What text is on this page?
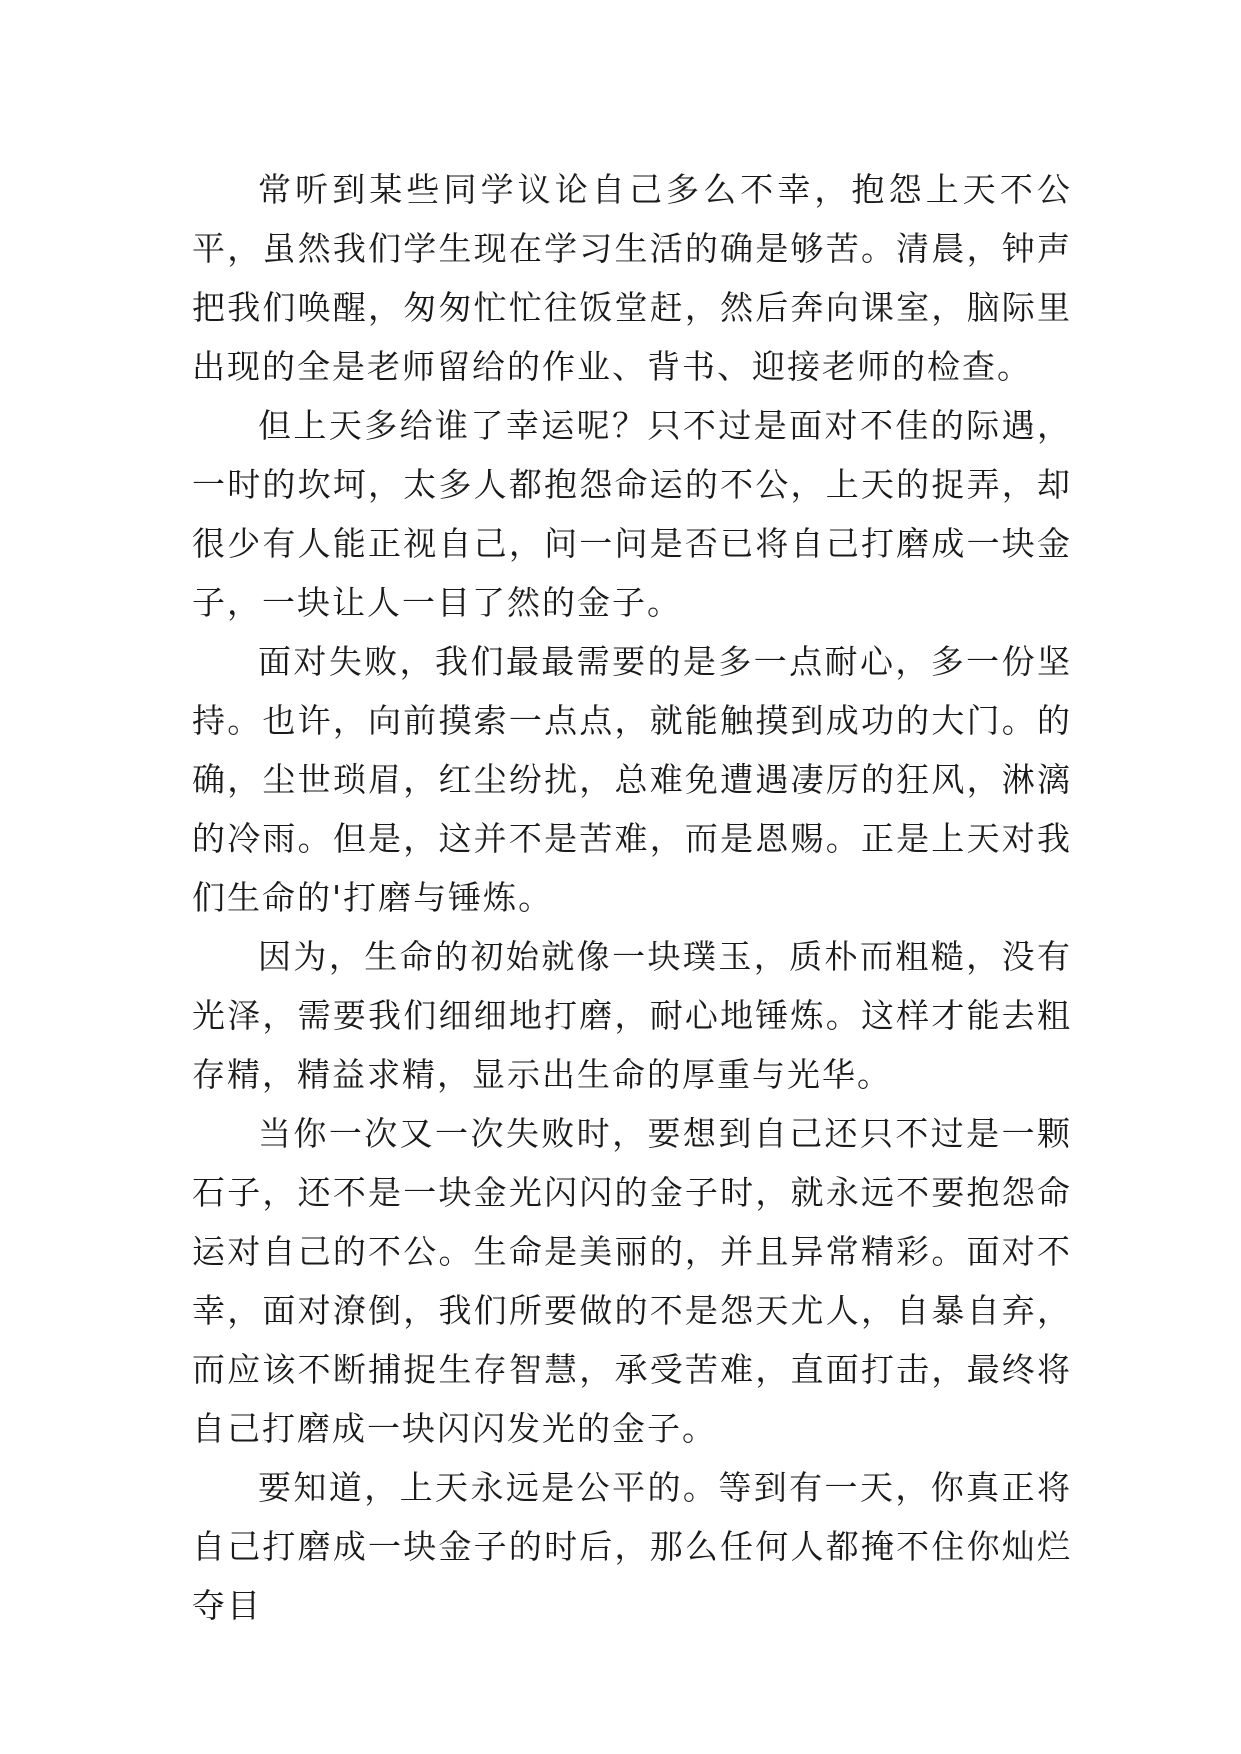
常听到某些同学议论自己多么不幸，抱怨上天不公平，虽然我们学生现在学习生活的确是够苦。清晨，钟声把我们唤醒，匆匆忙忙往饭堂赶，然后奔向课室，脑际里出现的全是老师留给的作业、背书、迎接老师的检查。

但上天多给谁了幸运呢？只不过是面对不佳的际遇，一时的坎坷，太多人都抱怨命运的不公，上天的捉弄，却很少有人能正视自己，问一问是否已将自己打磨成一块金子，一块让人一目了然的金子。

面对失败，我们最最需要的是多一点耐心，多一份坚持。也许，向前摸索一点点，就能触摸到成功的大门。的确，尘世琐眉，红尘纷扰，总难免遭遇凄厉的狂风，淋漓的冷雨。但是，这并不是苦难，而是恩赐。正是上天对我们生命的'打磨与锤炼。

因为，生命的初始就像一块璞玉，质朴而粗糙，没有光泽，需要我们细细地打磨，耐心地锤炼。这样才能去粗存精，精益求精，显示出生命的厚重与光华。

当你一次又一次失败时，要想到自己还只不过是一颗石子，还不是一块金光闪闪的金子时，就永远不要抱怨命运对自己的不公。生命是美丽的，并且异常精彩。面对不幸，面对潦倒，我们所要做的不是怨天尤人，自暴自弃，而应该不断捕捉生存智慧，承受苦难，直面打击，最终将自己打磨成一块闪闪发光的金子。

要知道，上天永远是公平的。等到有一天，你真正将自己打磨成一块金子的时后，那么任何人都掩不住你灿烂夺目
